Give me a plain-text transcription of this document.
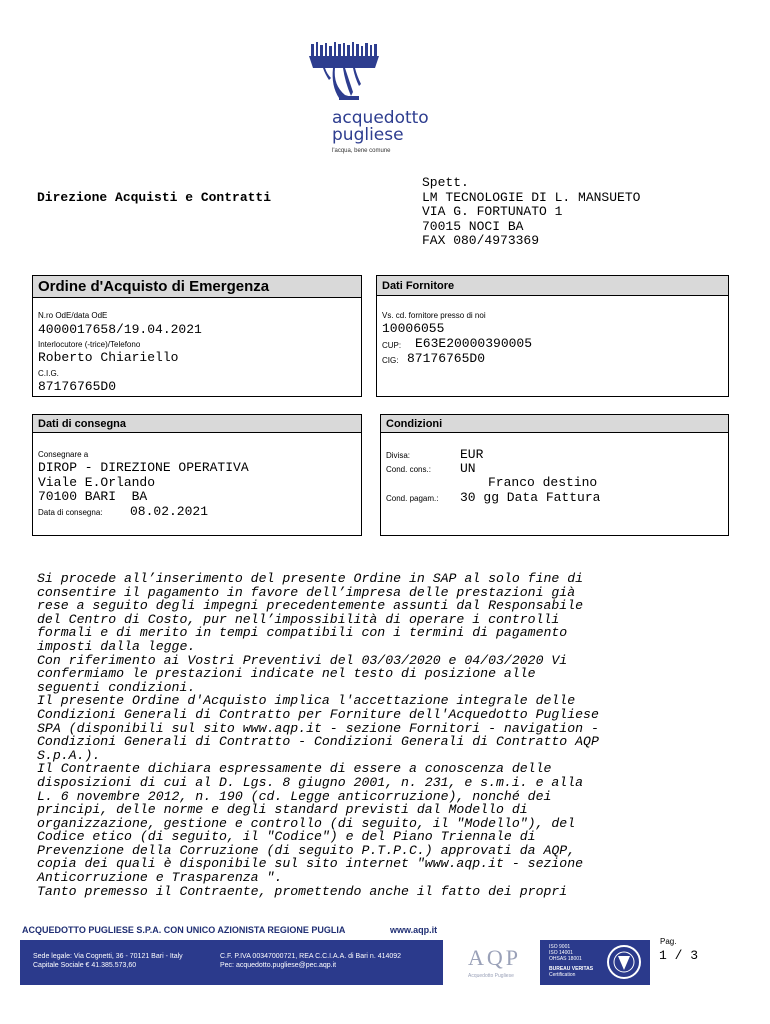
acquedotto
pugliese
l'acqua, bene comune
Direzione Acquisti e Contratti
Spett.
LM TECNOLOGIE DI L. MANSUETO
VIA G. FORTUNATO 1
70015 NOCI BA
FAX 080/4973369
Ordine d'Acquisto di Emergenza
N.ro OdE/data OdE
4000017658/19.04.2021
Interlocutore (-trice)/Telefono
Roberto Chiariello
C.I.G.
87176765D0
Dati Fornitore
Vs. cd. fornitore presso di noi
10006055
CUP: E63E20000390005
CIG: 87176765D0
Dati di consegna
Consegnare a
DIROP - DIREZIONE OPERATIVA
Viale E.Orlando
70100 BARI  BA
Data di consegna: 08.02.2021
Condizioni
Divisa:	EUR
Cond. cons.: UN
Franco destino
Cond. pagam.: 30 gg Data Fattura
Si procede all’inserimento del presente Ordine in SAP al solo fine di
consentire il pagamento in favore dell’impresa delle prestazioni già
rese a seguito degli impegni precedentemente assunti dal Responsabile
del Centro di Costo, pur nell’impossibilità di operare i controlli
formali e di merito in tempi compatibili con i termini di pagamento
imposti dalla legge.
Con riferimento ai Vostri Preventivi del 03/03/2020 e 04/03/2020 Vi
confermiamo le prestazioni indicate nel testo di posizione alle
seguenti condizioni.
Il presente Ordine d'Acquisto implica l'accettazione integrale delle
Condizioni Generali di Contratto per Forniture dell'Acquedotto Pugliese
SPA (disponibili sul sito www.aqp.it - sezione Fornitori - navigation -
Condizioni Generali di Contratto - Condizioni Generali di Contratto AQP
S.p.A.).
Il Contraente dichiara espressamente di essere a conoscenza delle
disposizioni di cui al D. Lgs. 8 giugno 2001, n. 231, e s.m.i. e alla
L. 6 novembre 2012, n. 190 (cd. Legge anticorruzione), nonché dei
principi, delle norme e degli standard previsti dal Modello di
organizzazione, gestione e controllo (di seguito, il "Modello"), del
Codice etico (di seguito, il "Codice") e del Piano Triennale di
Prevenzione della Corruzione (di seguito P.T.P.C.) approvati da AQP,
copia dei quali è disponibile sul sito internet "www.aqp.it - sezione
Anticorruzione e Trasparenza ".
Tanto premesso il Contraente, promettendo anche il fatto dei propri
ACQUEDOTTO PUGLIESE S.P.A. CON UNICO AZIONISTA REGIONE PUGLIA	www.aqp.it
Sede legale: Via Cognetti, 36 - 70121 Bari - Italy
Capitale Sociale € 41.385.573,60
C.F. P.IVA 00347000721, REA C.C.I.A.A. di Bari n. 414092
Pec: acquedotto.pugliese@pec.aqp.it	AQP
Acquedotto Pugliese
ISO 9001
ISO 14001
OHSAS 18001
BUREAU VERITAS
Certification
Pag.
1 / 3
